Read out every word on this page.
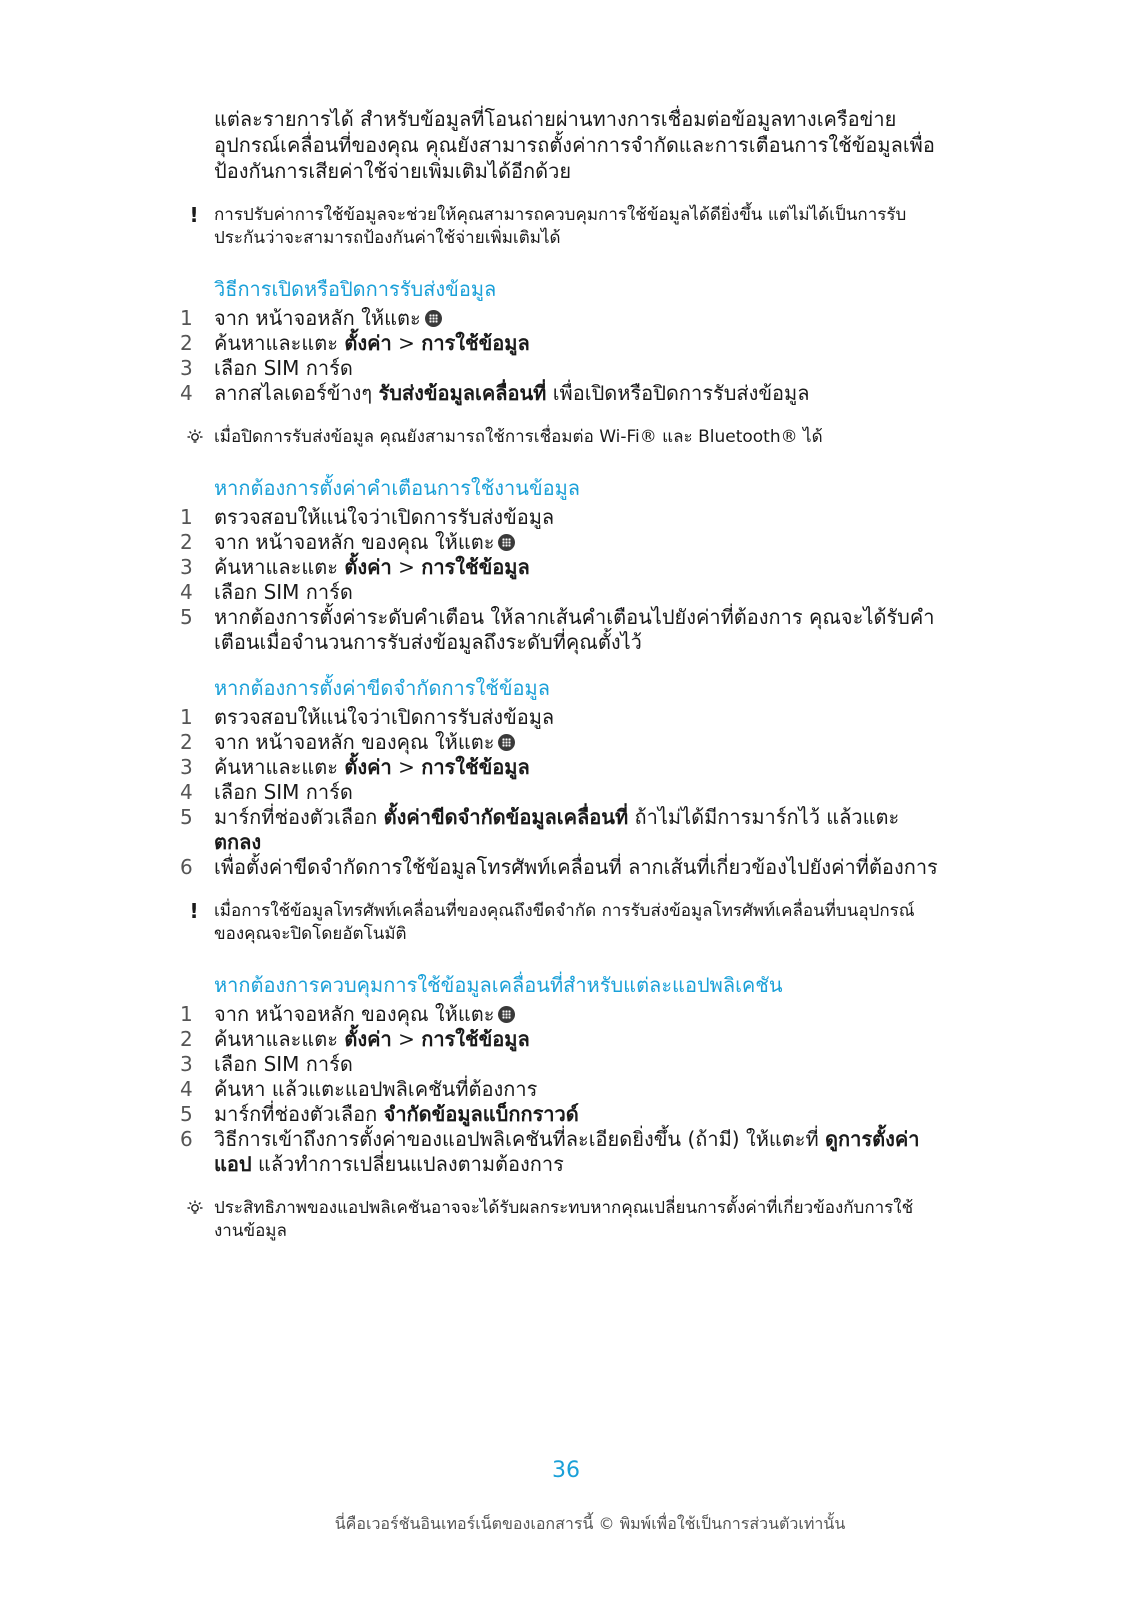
แต่ละรายการได้ สำหรับข้อมูลที่โอนถ่ายผ่านทางการเชื่อมต่อข้อมูลทางเครือข่ายอุปกรณ์เคลื่อนที่ของคุณ คุณยังสามารถตั้งค่าการจำกัดและการเตือนการใช้ข้อมูลเพื่อป้องกันการเสียค่าใช้จ่ายเพิ่มเติมได้อีกด้วย

! การปรับค่าการใช้ข้อมูลจะช่วยให้คุณสามารถควบคุมการใช้ข้อมูลได้ดียิ่งขึ้น แต่ไม่ได้เป็นการรับประกันว่าจะสามารถป้องกันค่าใช้จ่ายเพิ่มเติมได้
วิธีการเปิดหรือปิดการรับส่งข้อมูล
1	จาก หน้าจอหลัก ให้แตะ
2	ค้นหาและแตะ ตั้งค่า > การใช้ข้อมูล
3	เลือก SIM การ์ด
4	ลากสไลเดอร์ข้างๆ รับส่งข้อมูลเคลื่อนที่ เพื่อเปิดหรือปิดการรับส่งข้อมูล
เมื่อปิดการรับส่งข้อมูล คุณยังสามารถใช้การเชื่อมต่อ Wi-Fi® และ Bluetooth® ได้
หากต้องการตั้งค่าคำเตือนการใช้งานข้อมูล
1	ตรวจสอบให้แน่ใจว่าเปิดการรับส่งข้อมูล
2	จาก หน้าจอหลัก ของคุณ ให้แตะ
3	ค้นหาและแตะ ตั้งค่า > การใช้ข้อมูล
4	เลือก SIM การ์ด
5	หากต้องการตั้งค่าระดับคำเตือน ให้ลากเส้นคำเตือนไปยังค่าที่ต้องการ คุณจะได้รับคำเตือนเมื่อจำนวนการรับส่งข้อมูลถึงระดับที่คุณตั้งไว้
หากต้องการตั้งค่าขีดจำกัดการใช้ข้อมูล
1	ตรวจสอบให้แน่ใจว่าเปิดการรับส่งข้อมูล
2	จาก หน้าจอหลัก ของคุณ ให้แตะ
3	ค้นหาและแตะ ตั้งค่า > การใช้ข้อมูล
4	เลือก SIM การ์ด
5	มาร์กที่ช่องตัวเลือก ตั้งค่าขีดจำกัดข้อมูลเคลื่อนที่ ถ้าไม่ได้มีการมาร์กไว้ แล้วแตะ ตกลง
6	เพื่อตั้งค่าขีดจำกัดการใช้ข้อมูลโทรศัพท์เคลื่อนที่ ลากเส้นที่เกี่ยวข้องไปยังค่าที่ต้องการ
! เมื่อการใช้ข้อมูลโทรศัพท์เคลื่อนที่ของคุณถึงขีดจำกัด การรับส่งข้อมูลโทรศัพท์เคลื่อนที่บนอุปกรณ์ของคุณจะปิดโดยอัตโนมัติ
หากต้องการควบคุมการใช้ข้อมูลเคลื่อนที่สำหรับแต่ละแอปพลิเคชัน
1	จาก หน้าจอหลัก ของคุณ ให้แตะ
2	ค้นหาและแตะ ตั้งค่า > การใช้ข้อมูล
3	เลือก SIM การ์ด
4	ค้นหา แล้วแตะแอปพลิเคชันที่ต้องการ
5	มาร์กที่ช่องตัวเลือก จำกัดข้อมูลแบ็กกราวด์
6	วิธีการเข้าถึงการตั้งค่าของแอปพลิเคชันที่ละเอียดยิ่งขึ้น (ถ้ามี) ให้แตะที่ ดูการตั้งค่าแอป แล้วทำการเปลี่ยนแปลงตามต้องการ
ประสิทธิภาพของแอปพลิเคชันอาจจะได้รับผลกระทบหากคุณเปลี่ยนการตั้งค่าที่เกี่ยวข้องกับการใช้งานข้อมูล
36
นี่คือเวอร์ชันอินเทอร์เน็ตของเอกสารนี้ © พิมพ์เพื่อใช้เป็นการส่วนตัวเท่านั้น
